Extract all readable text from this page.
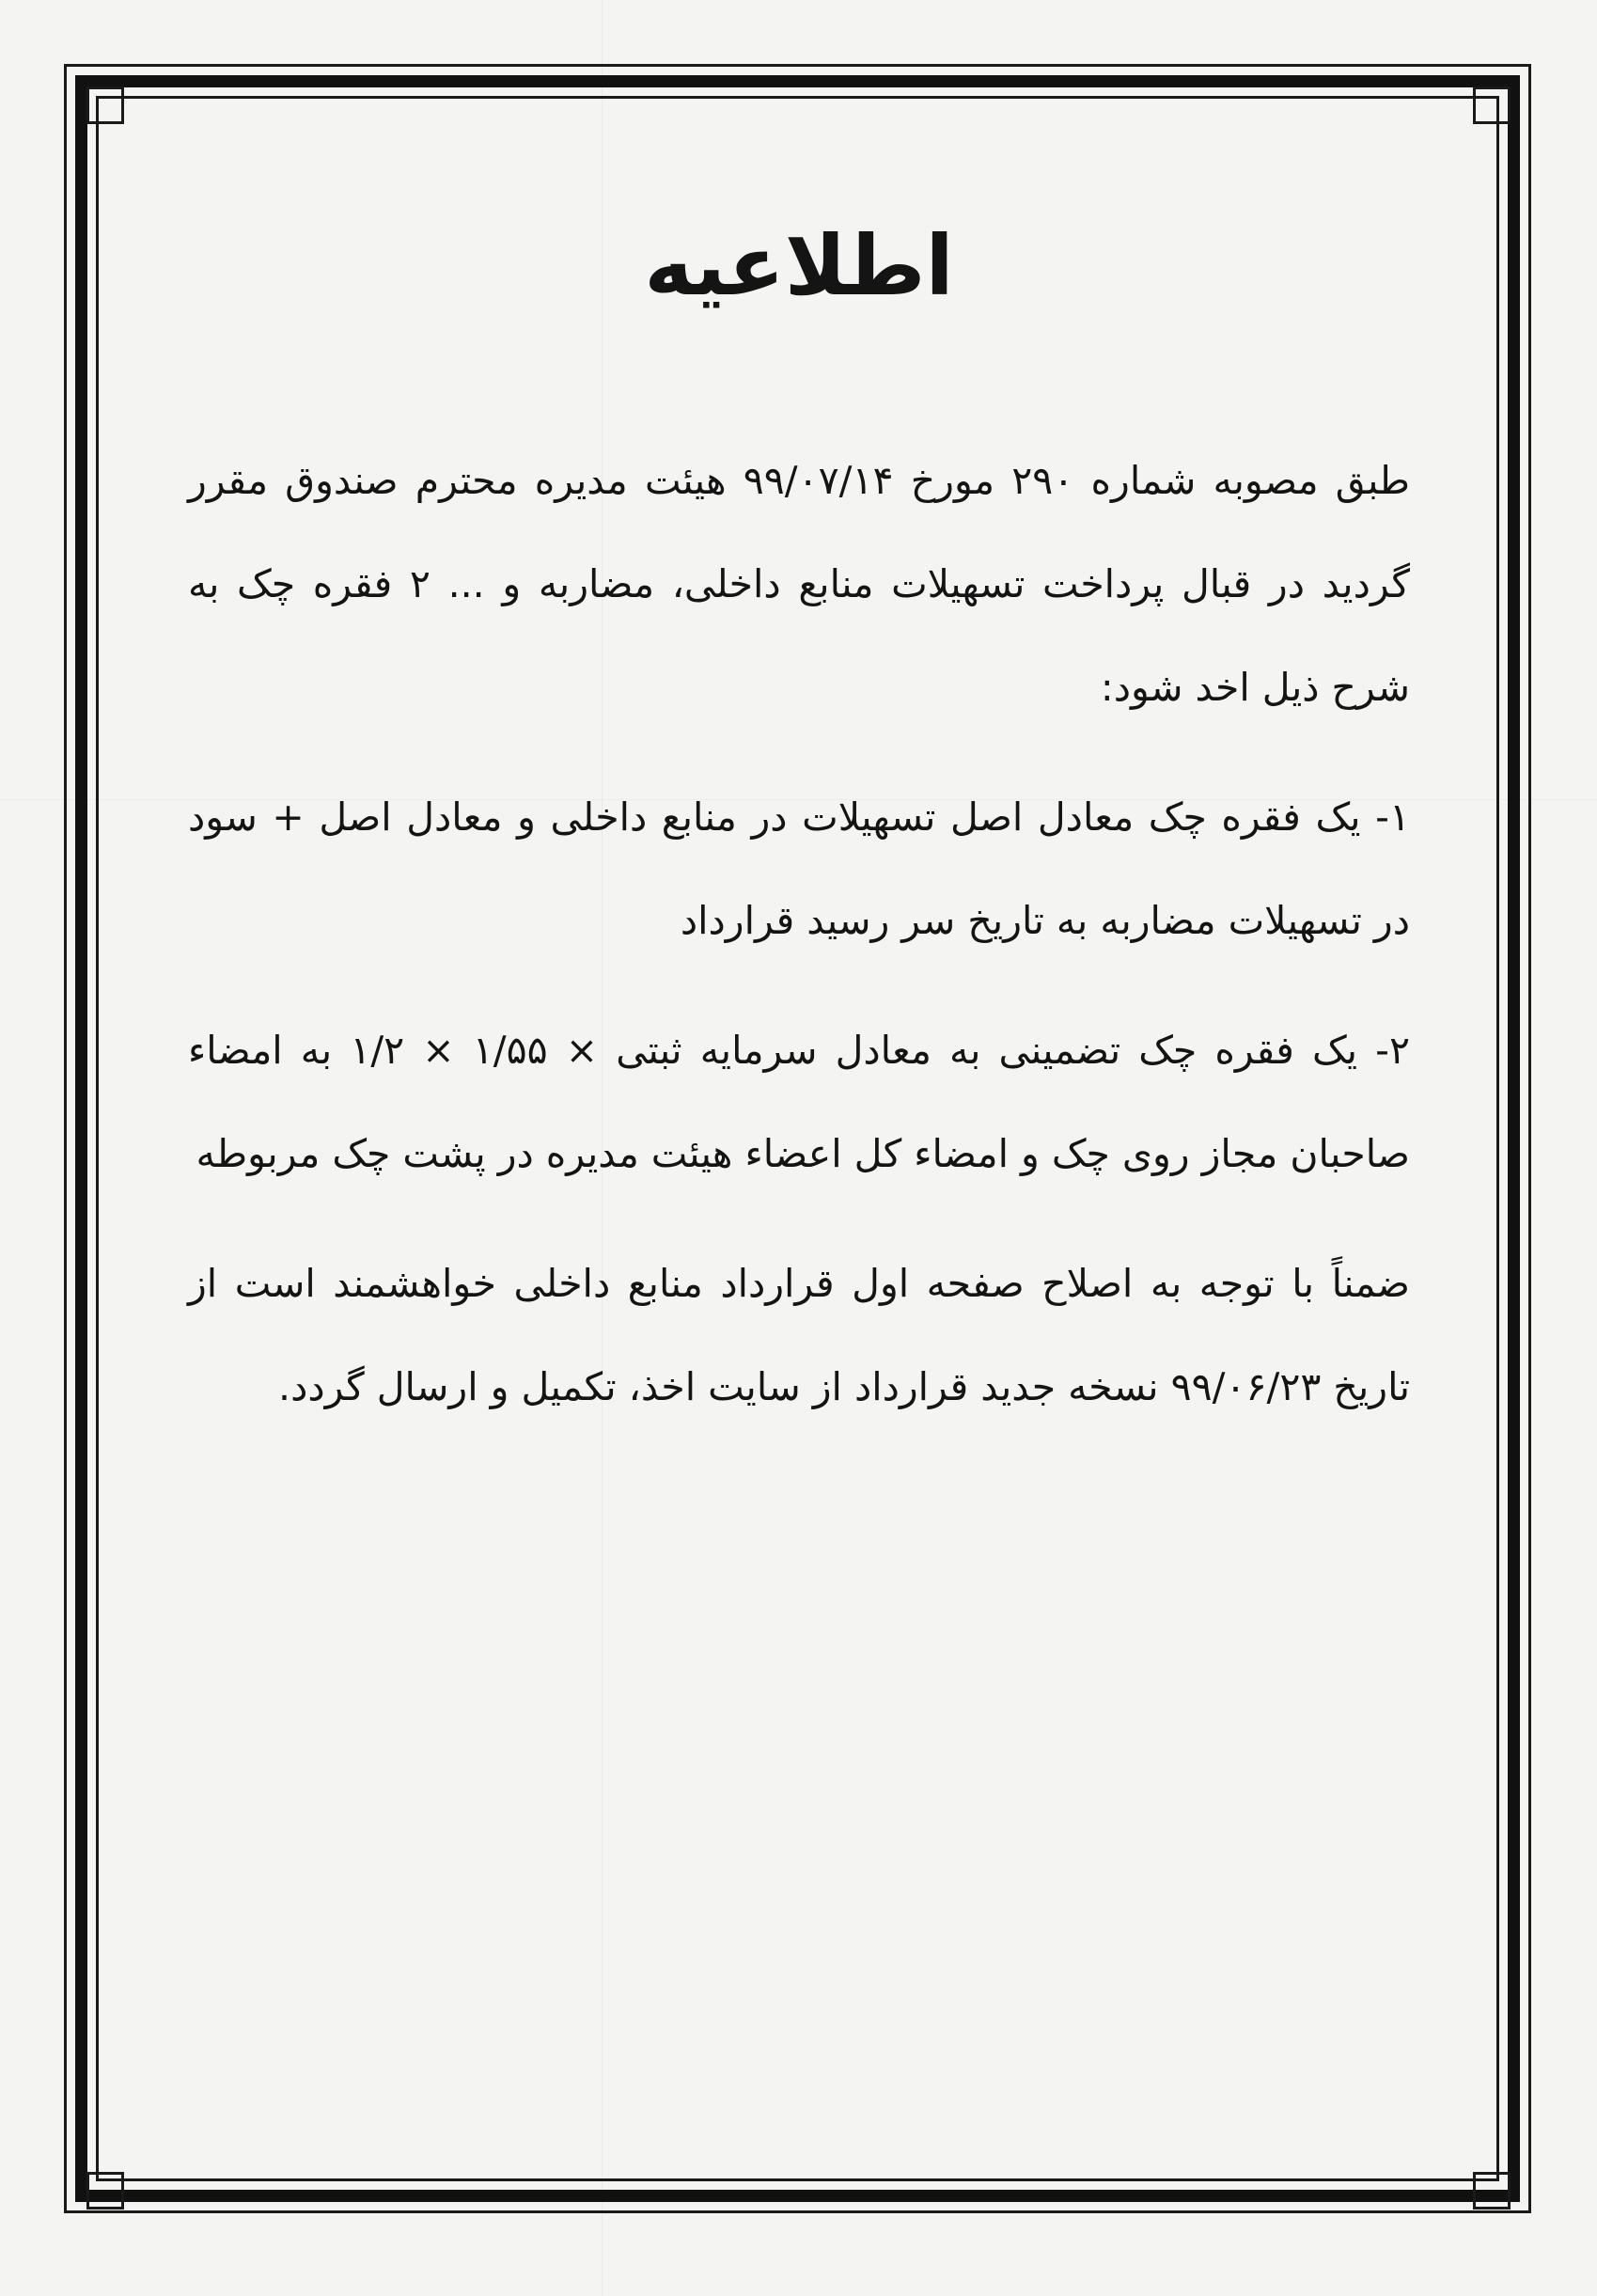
اطلاعیه

طبق مصوبه شماره ۲۹۰ مورخ ۹۹/۰۷/۱۴ هیئت مدیره محترم صندوق مقرر گردید در قبال پرداخت تسهیلات منابع داخلی، مضاربه و ... ۲ فقره چک به شرح ذیل اخد شود:

۱- یک فقره چک معادل اصل تسهیلات در منابع داخلی و معادل اصل + سود در تسهیلات مضاربه به تاریخ سر رسید قرارداد

۲- یک فقره چک تضمینی به معادل سرمایه ثبتی × ۱/۵۵ × ۱/۲ به امضاء صاحبان مجاز روی چک و امضاء کل اعضاء هیئت مدیره در پشت چک مربوطه

ضمناً با توجه به اصلاح صفحه اول قرارداد منابع داخلی خواهشمند است از تاریخ ۹۹/۰۶/۲۳ نسخه جدید قرارداد از سایت اخذ، تکمیل و ارسال گردد.
